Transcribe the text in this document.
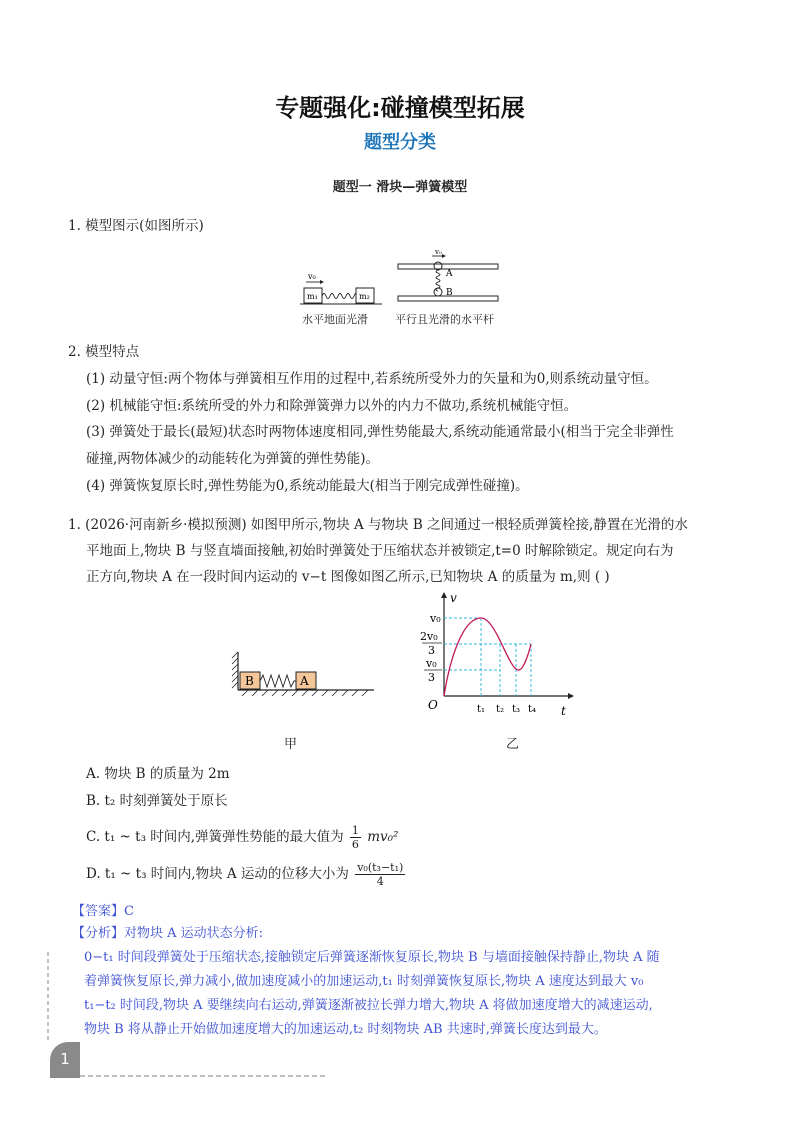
专题强化:碰撞模型拓展
题型分类
题型一 滑块—弹簧模型
1. 模型图示(如图所示)
v₀
m₁	m₂
水平地面光滑
v₀
A
B
平行且光滑的水平杆
2. 模型特点
(1) 动量守恒:两个物体与弹簧相互作用的过程中,若系统所受外力的矢量和为0,则系统动量守恒。
(2) 机械能守恒:系统所受的外力和除弹簧弹力以外的内力不做功,系统机械能守恒。
(3) 弹簧处于最长(最短)状态时两物体速度相同,弹性势能最大,系统动能通常最小(相当于完全非弹性
碰撞,两物体减少的动能转化为弹簧的弹性势能)。
(4) 弹簧恢复原长时,弹性势能为0,系统动能最大(相当于刚完成弹性碰撞)。
1. (2026·河南新乡·模拟预测) 如图甲所示,物块 A 与物块 B 之间通过一根轻质弹簧栓接,静置在光滑的水
平地面上,物块 B 与竖直墙面接触,初始时弹簧处于压缩状态并被锁定,t=0 时解除锁定。规定向右为
正方向,物块 A 在一段时间内运动的 v−t 图像如图乙所示,已知物块 A 的质量为 m,则 ( )
B	A
甲
v₀
2v₀
3
v₀
3
v
O	t
t₁ t₂ t₃ t₄
乙
A. 物块 B 的质量为 2m
B. t₂ 时刻弹簧处于原长
C. t₁ ~ t₃ 时间内,弹簧弹性势能的最大值为 $\frac{1}{6} mv_0^2$
D. t₁ ~ t₃ 时间内,物块 A 运动的位移大小为 $\frac{\text{v₀(t₃−t₁)}}{4}$
【答案】C
【分析】对物块 A 运动状态分析:
0−t₁ 时间段弹簧处于压缩状态,接触锁定后弹簧逐渐恢复原长,物块 B 与墙面接触保持静止,物块 A 随
着弹簧恢复原长,弹力减小,做加速度减小的加速运动,t₁ 时刻弹簧恢复原长,物块 A 速度达到最大 v₀
t₁−t₂ 时间段,物块 A 要继续向右运动,弹簧逐渐被拉长弹力增大,物块 A 将做加速度增大的减速运动,
物块 B 将从静止开始做加速度增大的加速运动,t₂ 时刻物块 AB 共速时,弹簧长度达到最大。
1
